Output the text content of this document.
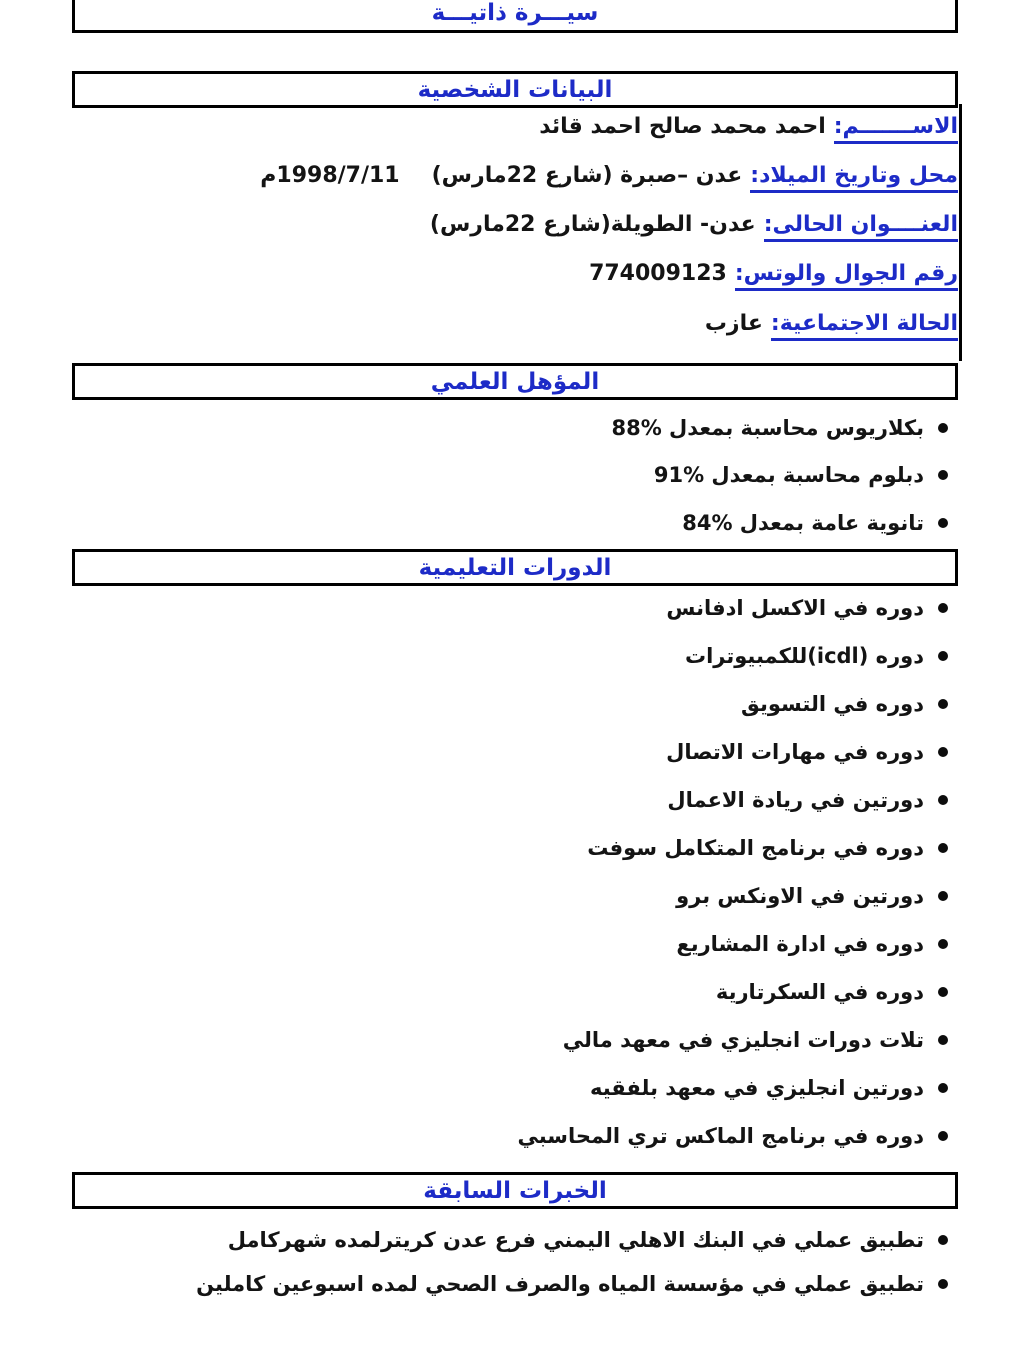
سيـــرة ذاتيـــة
البيانات الشخصية
الاســـــــم:احمد محمد صالح احمد قائد
محل وتاريخ الميلاد:عدن –صبرة (شارع 22مارس)1998/7/11م
العنــــوان الحالى:عدن- الطويلة(شارع 22مارس)
رقم الجوال والوتس:774009123
الحالة الاجتماعية:عازب
المؤهل العلمي
بكلاريوس محاسبة بمعدل %88
دبلوم محاسبة بمعدل %91
تانوية عامة بمعدل %84
الدورات التعليمية
دوره في الاكسل ادفانس
دوره (icdl)للكمبيوترات
دوره في التسويق
دوره في مهارات الاتصال
دورتين في ريادة الاعمال
دوره في برنامج المتكامل سوفت
دورتين في الاونكس برو
دوره في ادارة المشاريع
دوره في السكرتارية
تلات دورات انجليزي في معهد مالي
دورتين انجليزي في معهد بلفقيه
دوره في برنامج الماكس تري المحاسبي
الخبرات السابقة
تطبيق عملي في البنك الاهلي اليمني فرع عدن كريترلمده شهركامل
تطبيق عملي في مؤسسة المياه والصرف الصحي لمده اسبوعين كاملين
